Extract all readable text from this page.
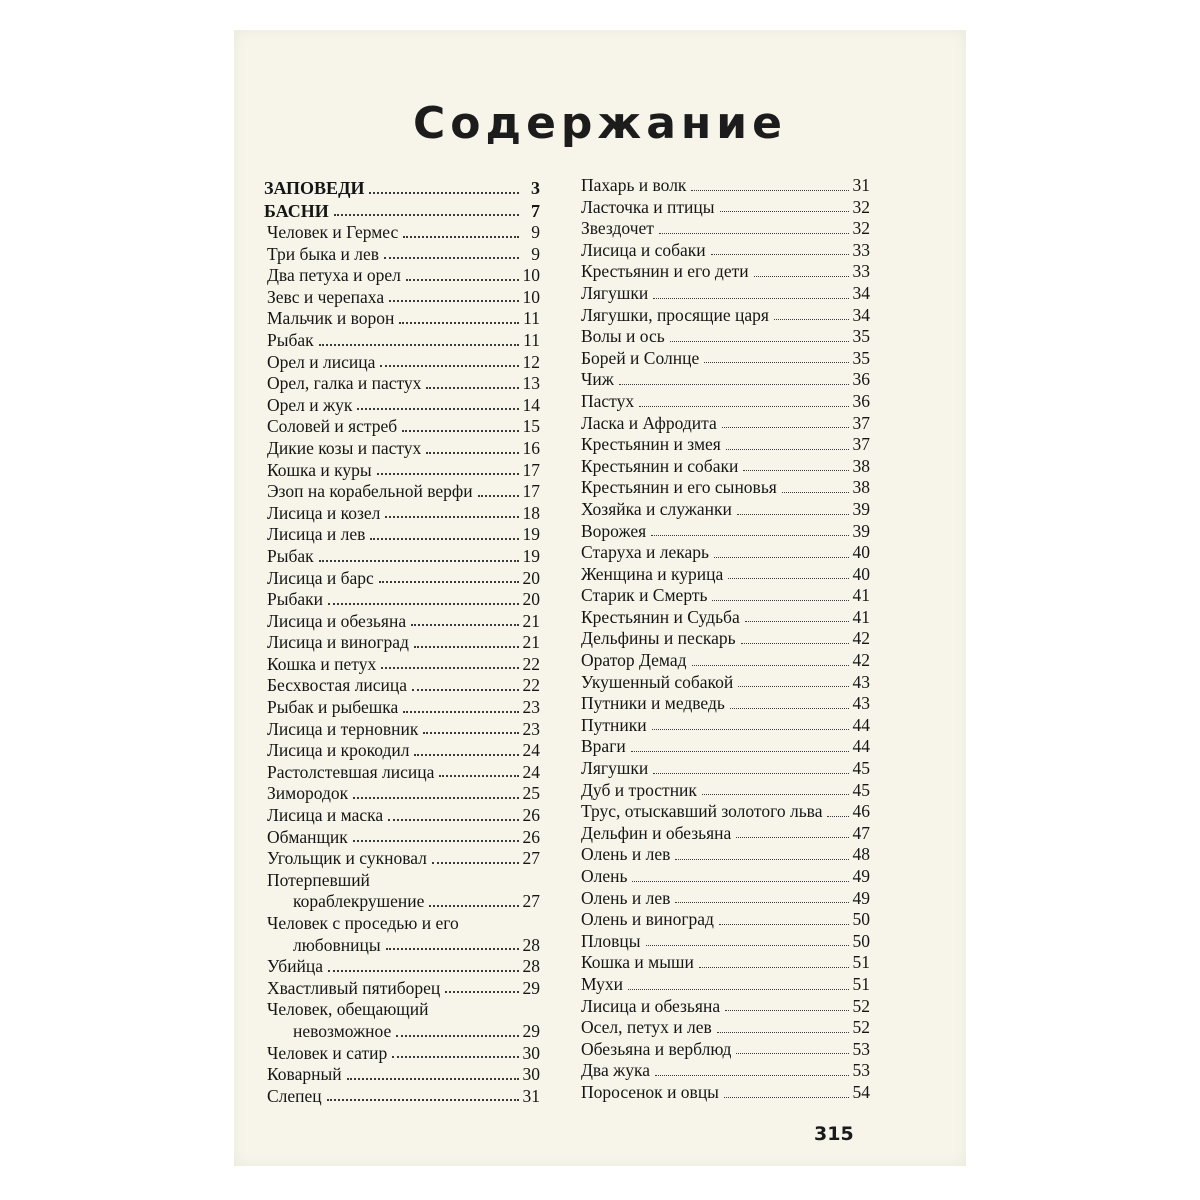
Содержание
ЗАПОВЕДИ	3
БАСНИ	7
Человек и Гермес	9
Три быка и лев	9
Два петуха и орел	10
Зевс и черепаха	10
Мальчик и ворон	11
Рыбак	11
Орел и лисица	12
Орел, галка и пастух	13
Орел и жук	14
Соловей и ястреб	15
Дикие козы и пастух	16
Кошка и куры	17
Эзоп на корабельной верфи	17
Лисица и козел	18
Лисица и лев	19
Рыбак	19
Лисица и барс	20
Рыбаки	20
Лисица и обезьяна	21
Лисица и виноград	21
Кошка и петух	22
Бесхвостая лисица	22
Рыбак и рыбешка	23
Лисица и терновник	23
Лисица и крокодил	24
Растолстевшая лисица	24
Зимородок	25
Лисица и маска	26
Обманщик	26
Угольщик и сукновал	27
Потерпевший
кораблекрушение	27
Человек с проседью и его
любовницы	28
Убийца	28
Хвастливый пятиборец	29
Человек, обещающий
невозможное	29
Человек и сатир	30
Коварный	30
Слепец	31
Пахарь и волк	31
Ласточка и птицы	32
Звездочет	32
Лисица и собаки	33
Крестьянин и его дети	33
Лягушки	34
Лягушки, просящие царя	34
Волы и ось	35
Борей и Солнце	35
Чиж	36
Пастух	36
Ласка и Афродита	37
Крестьянин и змея	37
Крестьянин и собаки	38
Крестьянин и его сыновья	38
Хозяйка и служанки	39
Ворожея	39
Старуха и лекарь	40
Женщина и курица	40
Старик и Смерть	41
Крестьянин и Судьба	41
Дельфины и пескарь	42
Оратор Демад	42
Укушенный собакой	43
Путники и медведь	43
Путники	44
Враги	44
Лягушки	45
Дуб и тростник	45
Трус, отыскавший золотого льва 46
Дельфин и обезьяна	47
Олень и лев	48
Олень	49
Олень и лев	49
Олень и виноград	50
Пловцы	50
Кошка и мыши	51
Мухи	51
Лисица и обезьяна	52
Осел, петух и лев	52
Обезьяна и верблюд	53
Два жука	53
Поросенок и овцы	54
315
